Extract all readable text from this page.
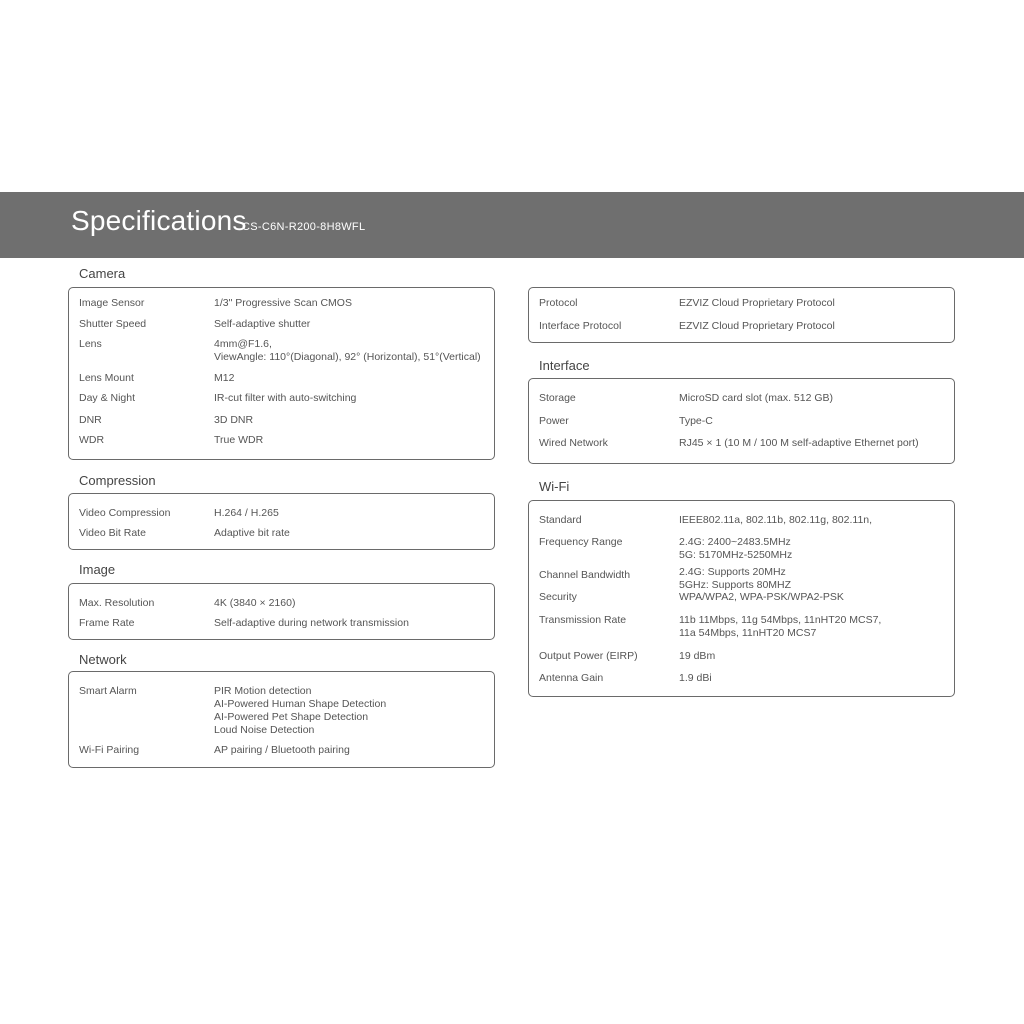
Specifications
CS-C6N-R200-8H8WFL
Camera
Image Sensor	1/3" Progressive Scan CMOS
Shutter Speed	Self-adaptive shutter
Lens	4mm@F1.6,
ViewAngle: 110°(Diagonal), 92° (Horizontal), 51°(Vertical)
Lens Mount	M12
Day & Night	IR-cut filter with auto-switching
DNR	3D DNR
WDR	True WDR
Compression
Video Compression	H.264 / H.265
Video Bit Rate	Adaptive bit rate
Image
Max. Resolution	4K (3840 × 2160)
Frame Rate	Self-adaptive during network transmission
Network
Smart Alarm	PIR Motion detection
AI-Powered Human Shape Detection
AI-Powered Pet Shape Detection
Loud Noise Detection
Wi-Fi Pairing	AP pairing / Bluetooth pairing
Protocol	EZVIZ Cloud Proprietary Protocol
Interface Protocol	EZVIZ Cloud Proprietary Protocol
Interface
Storage	MicroSD card slot (max. 512 GB)
Power	Type-C
Wired Network	RJ45 × 1 (10 M / 100 M self-adaptive Ethernet port)
Wi-Fi
Standard	IEEE802.11a, 802.11b, 802.11g, 802.11n,
Frequency Range	2.4G: 2400~2483.5MHz
5G: 5170MHz-5250MHz
Channel Bandwidth	2.4G: Supports 20MHz
5GHz: Supports 80MHZ
Security	WPA/WPA2, WPA-PSK/WPA2-PSK
Transmission Rate	11b 11Mbps, 11g 54Mbps, 11nHT20 MCS7,
11a 54Mbps, 11nHT20 MCS7
Output Power (EIRP)	19 dBm
Antenna Gain	1.9 dBi
